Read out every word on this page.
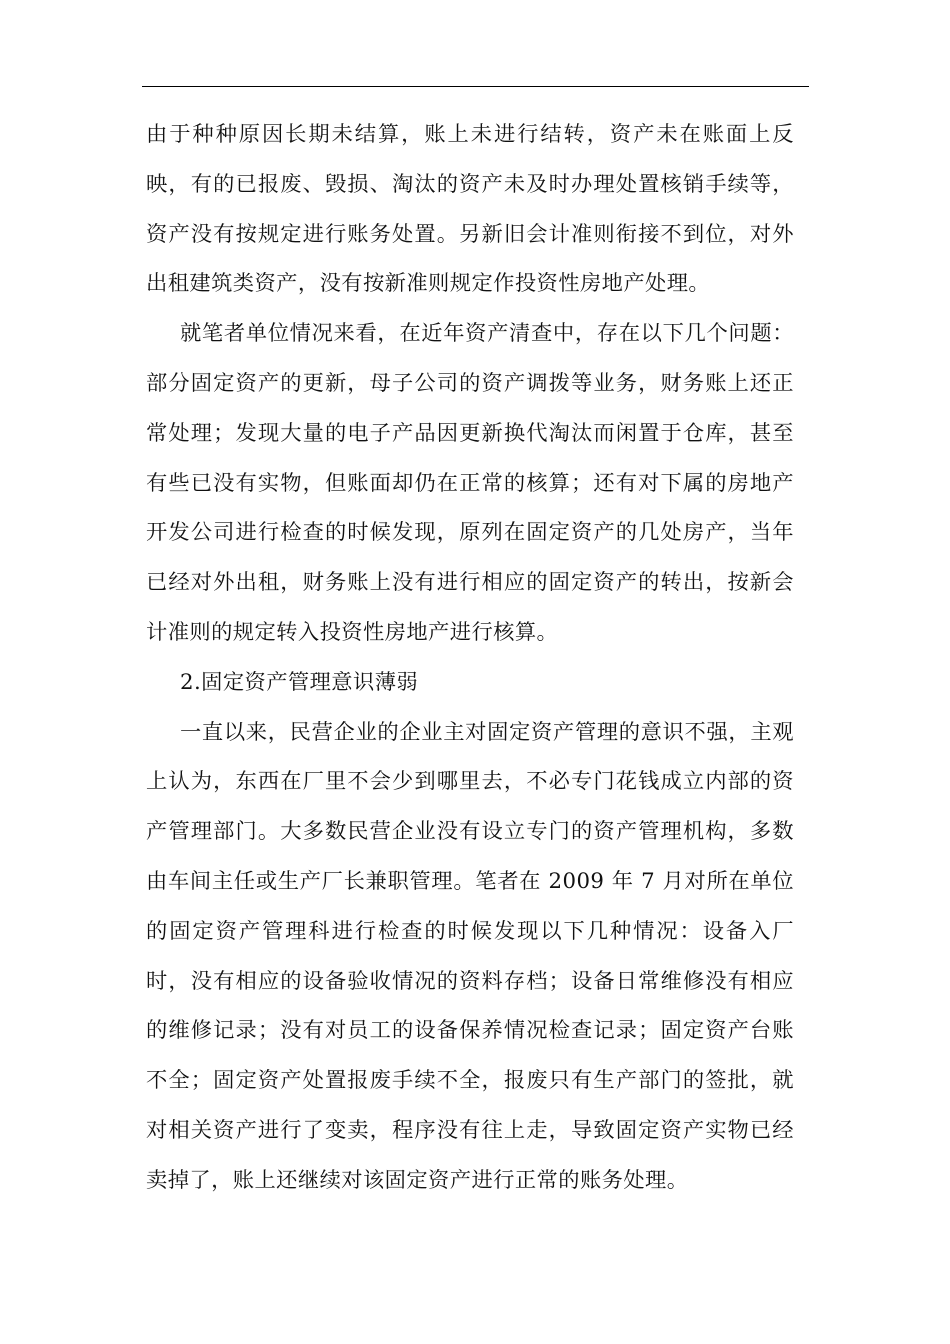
由于种种原因长期未结算，账上未进行结转，资产未在账面上反映，有的已报废、毁损、淘汰的资产未及时办理处置核销手续等，资产没有按规定进行账务处置。另新旧会计准则衔接不到位，对外出租建筑类资产，没有按新准则规定作投资性房地产处理。

就笔者单位情况来看，在近年资产清查中，存在以下几个问题：部分固定资产的更新，母子公司的资产调拨等业务，财务账上还正常处理；发现大量的电子产品因更新换代淘汰而闲置于仓库，甚至有些已没有实物，但账面却仍在正常的核算；还有对下属的房地产开发公司进行检查的时候发现，原列在固定资产的几处房产，当年已经对外出租，财务账上没有进行相应的固定资产的转出，按新会计准则的规定转入投资性房地产进行核算。

2.固定资产管理意识薄弱

一直以来，民营企业的企业主对固定资产管理的意识不强，主观上认为，东西在厂里不会少到哪里去，不必专门花钱成立内部的资产管理部门。大多数民营企业没有设立专门的资产管理机构，多数由车间主任或生产厂长兼职管理。笔者在 2009 年 7 月对所在单位的固定资产管理科进行检查的时候发现以下几种情况：设备入厂时，没有相应的设备验收情况的资料存档；设备日常维修没有相应的维修记录；没有对员工的设备保养情况检查记录；固定资产台账不全；固定资产处置报废手续不全，报废只有生产部门的签批，就对相关资产进行了变卖，程序没有往上走，导致固定资产实物已经卖掉了，账上还继续对该固定资产进行正常的账务处理。
